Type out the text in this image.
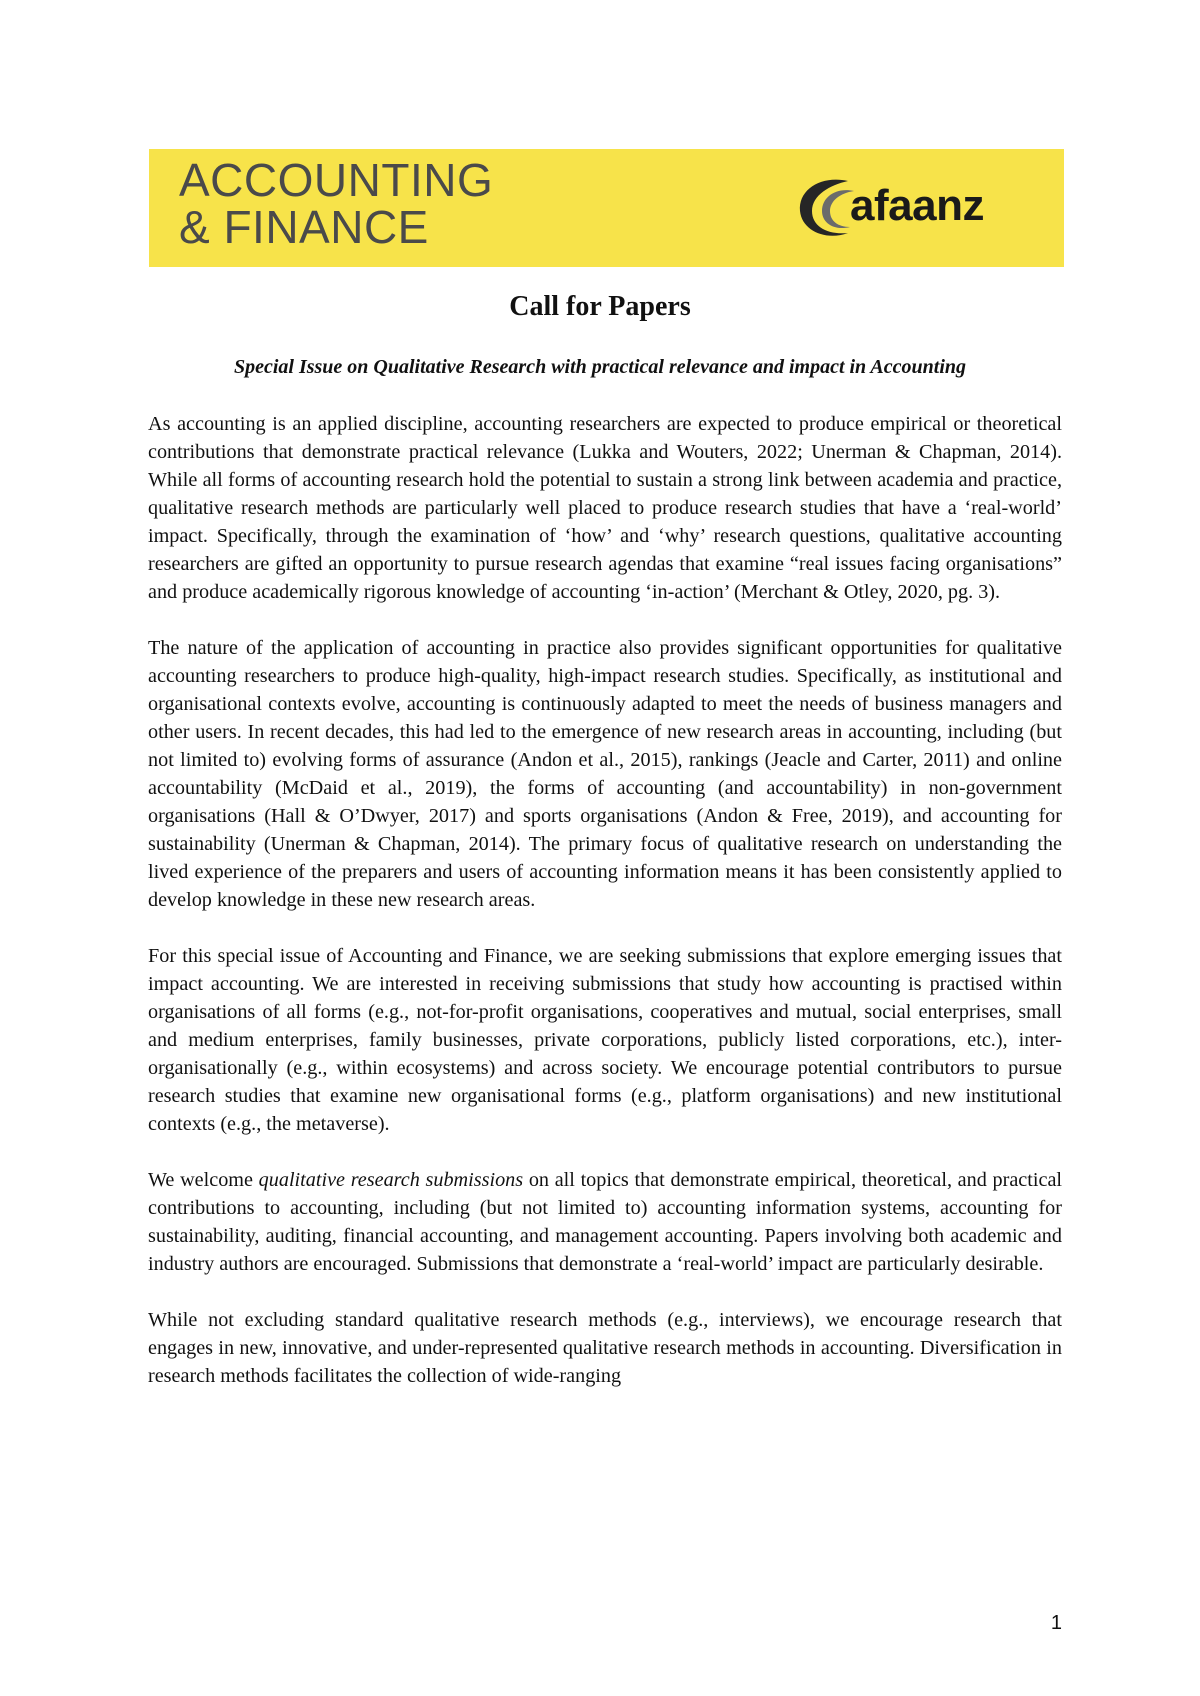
ACCOUNTING
& FINANCE	afaanz
Call for Papers
Special Issue on Qualitative Research with practical relevance and impact in Accounting

As accounting is an applied discipline, accounting researchers are expected to produce empirical or theoretical contributions that demonstrate practical relevance (Lukka and Wouters, 2022; Unerman & Chapman, 2014). While all forms of accounting research hold the potential to sustain a strong link between academia and practice, qualitative research methods are particularly well placed to produce research studies that have a ‘real-world’ impact. Specifically, through the examination of ‘how’ and ‘why’ research questions, qualitative accounting researchers are gifted an opportunity to pursue research agendas that examine “real issues facing organisations” and produce academically rigorous knowledge of accounting ‘in-action’ (Merchant & Otley, 2020, pg. 3).

The nature of the application of accounting in practice also provides significant opportunities for qualitative accounting researchers to produce high-quality, high-impact research studies. Specifically, as institutional and organisational contexts evolve, accounting is continuously adapted to meet the needs of business managers and other users. In recent decades, this had led to the emergence of new research areas in accounting, including (but not limited to) evolving forms of assurance (Andon et al., 2015), rankings (Jeacle and Carter, 2011) and online accountability (McDaid et al., 2019), the forms of accounting (and accountability) in non-government organisations (Hall & O’Dwyer, 2017) and sports organisations (Andon & Free, 2019), and accounting for sustainability (Unerman & Chapman, 2014). The primary focus of qualitative research on understanding the lived experience of the preparers and users of accounting information means it has been consistently applied to develop knowledge in these new research areas.

For this special issue of Accounting and Finance, we are seeking submissions that explore emerging issues that impact accounting. We are interested in receiving submissions that study how accounting is practised within organisations of all forms (e.g., not-for-profit organisations, cooperatives and mutual, social enterprises, small and medium enterprises, family businesses, private corporations, publicly listed corporations, etc.), inter-organisationally (e.g., within ecosystems) and across society. We encourage potential contributors to pursue research studies that examine new organisational forms (e.g., platform organisations) and new institutional contexts (e.g., the metaverse).

We welcome qualitative research submissions on all topics that demonstrate empirical, theoretical, and practical contributions to accounting, including (but not limited to) accounting information systems, accounting for sustainability, auditing, financial accounting, and management accounting. Papers involving both academic and industry authors are encouraged. Submissions that demonstrate a ‘real-world’ impact are particularly desirable.

While not excluding standard qualitative research methods (e.g., interviews), we encourage research that engages in new, innovative, and under-represented qualitative research methods in accounting. Diversification in research methods facilitates the collection of wide-ranging

1
